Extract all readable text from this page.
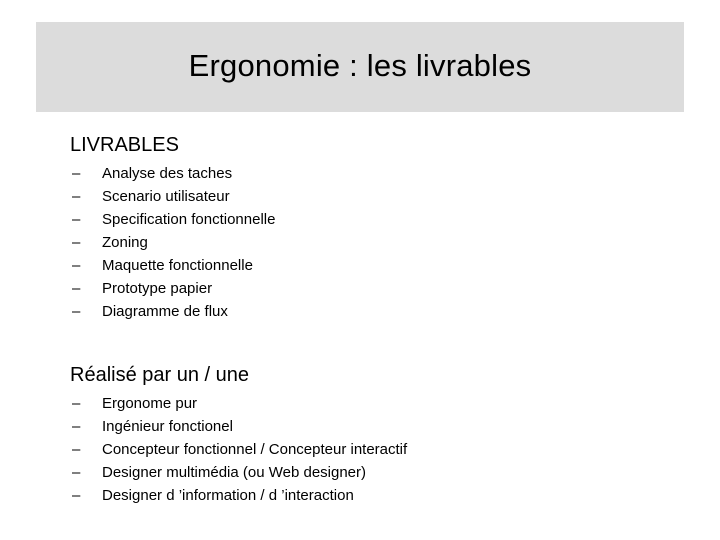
Ergonomie : les livrables
LIVRABLES
– Analyse des taches
– Scenario utilisateur
– Specification fonctionnelle
– Zoning
– Maquette fonctionnelle
– Prototype papier
– Diagramme de flux
Réalisé par un / une
– Ergonome pur
– Ingénieur fonctionel
– Concepteur fonctionnel / Concepteur interactif
– Designer multimédia (ou Web designer)
– Designer d ’information / d ’interaction
